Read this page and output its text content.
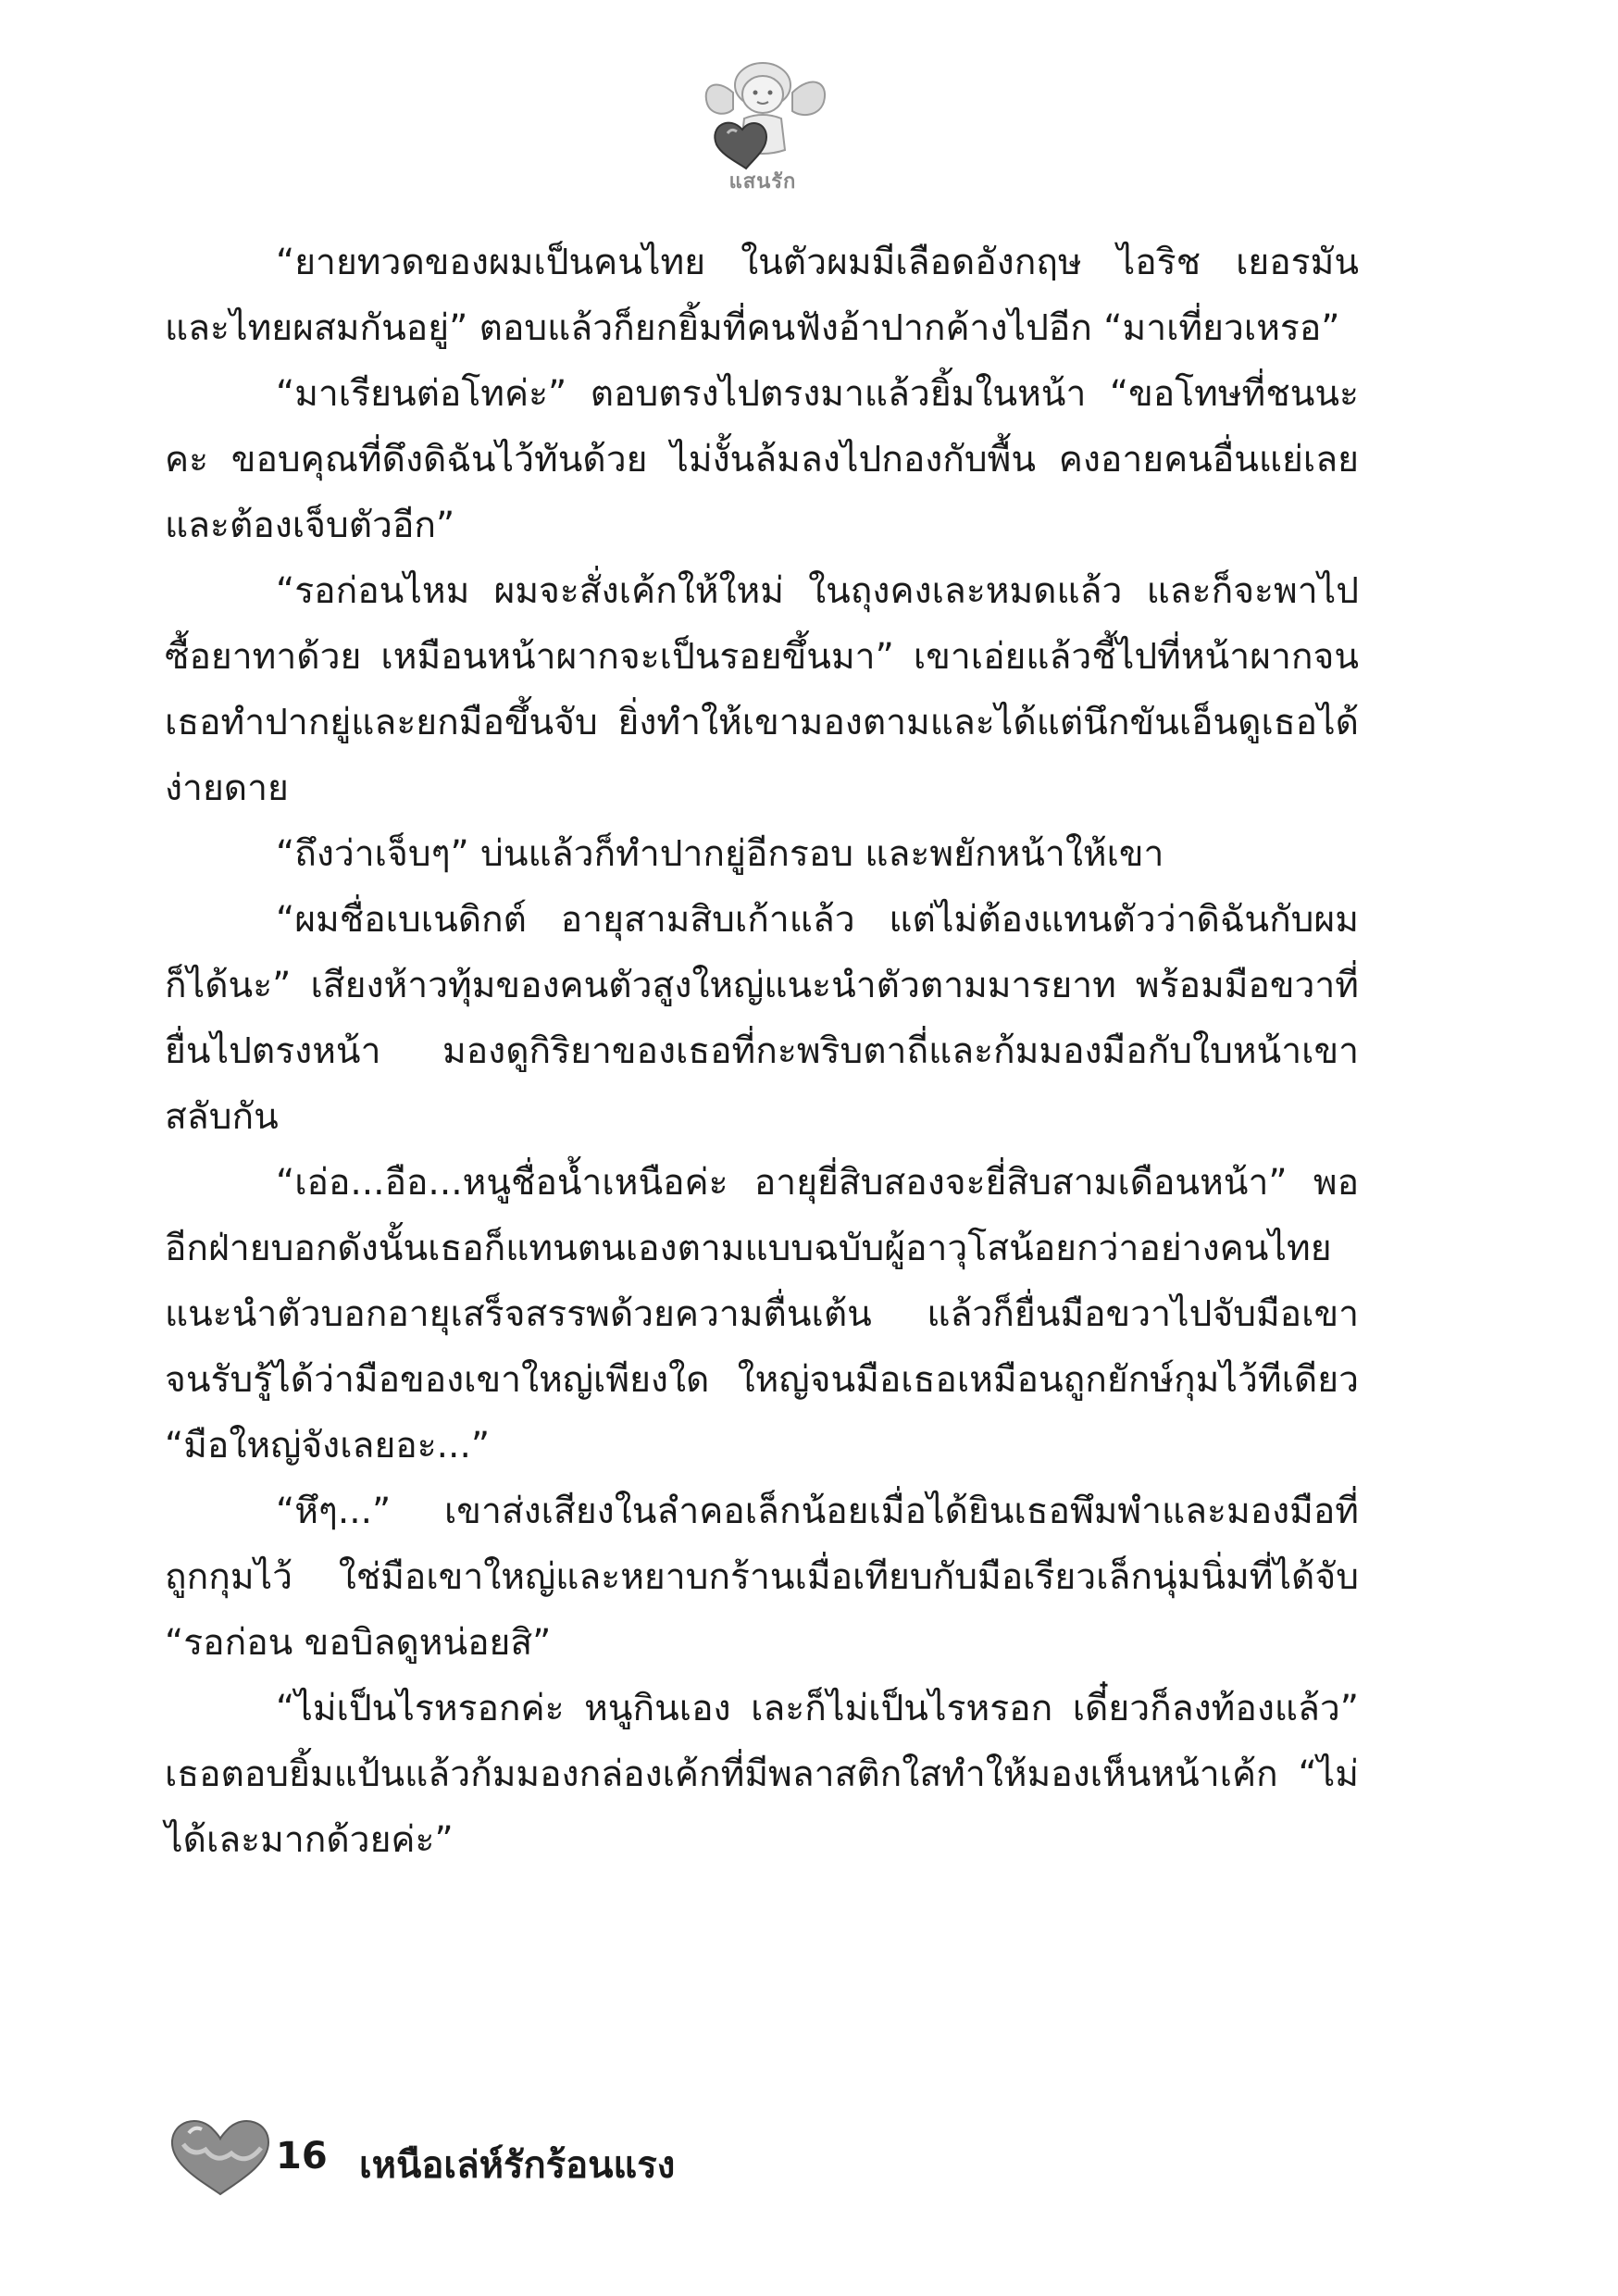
แสนรัก

“ยายทวดของผมเป็นคนไทย ในตัวผมมีเลือดอังกฤษ ไอริช เยอรมัน และไทยผสมกันอยู่” ตอบแล้วก็ยกยิ้มที่คนฟังอ้าปากค้างไปอีก “มาเที่ยวเหรอ”

“มาเรียนต่อโทค่ะ” ตอบตรงไปตรงมาแล้วยิ้มในหน้า “ขอโทษที่ชนนะคะ ขอบคุณที่ดึงดิฉันไว้ทันด้วย ไม่งั้นล้มลงไปกองกับพื้น คงอายคนอื่นแย่เลย และต้องเจ็บตัวอีก”

“รอก่อนไหม ผมจะสั่งเค้กให้ใหม่ ในถุงคงเละหมดแล้ว และก็จะพาไปซื้อยาทาด้วย เหมือนหน้าผากจะเป็นรอยขึ้นมา” เขาเอ่ยแล้วชี้ไปที่หน้าผากจนเธอทำปากยู่และยกมือขึ้นจับ ยิ่งทำให้เขามองตามและได้แต่นึกขันเอ็นดูเธอได้ง่ายดาย

“ถึงว่าเจ็บๆ” บ่นแล้วก็ทำปากยู่อีกรอบ และพยักหน้าให้เขา

“ผมชื่อเบเนดิกต์ อายุสามสิบเก้าแล้ว แต่ไม่ต้องแทนตัวว่าดิฉันกับผมก็ได้นะ” เสียงห้าวทุ้มของคนตัวสูงใหญ่แนะนำตัวตามมารยาท พร้อมมือขวาที่ยื่นไปตรงหน้า มองดูกิริยาของเธอที่กะพริบตาถี่และก้มมองมือกับใบหน้าเขาสลับกัน

“เอ่อ...อือ...หนูชื่อน้ำเหนือค่ะ อายุยี่สิบสองจะยี่สิบสามเดือนหน้า” พออีกฝ่ายบอกดังนั้นเธอก็แทนตนเองตามแบบฉบับผู้อาวุโสน้อยกว่าอย่างคนไทย แนะนำตัวบอกอายุเสร็จสรรพด้วยความตื่นเต้น แล้วก็ยื่นมือขวาไปจับมือเขา จนรับรู้ได้ว่ามือของเขาใหญ่เพียงใด ใหญ่จนมือเธอเหมือนถูกยักษ์กุมไว้ทีเดียว “มือใหญ่จังเลยอะ...”

“หึๆ...” เขาส่งเสียงในลำคอเล็กน้อยเมื่อได้ยินเธอพึมพำและมองมือที่ถูกกุมไว้ ใช่มือเขาใหญ่และหยาบกร้านเมื่อเทียบกับมือเรียวเล็กนุ่มนิ่มที่ได้จับ “รอก่อน ขอบิลดูหน่อยสิ”

“ไม่เป็นไรหรอกค่ะ หนูกินเอง เละก็ไม่เป็นไรหรอก เดี๋ยวก็ลงท้องแล้ว” เธอตอบยิ้มแป้นแล้วก้มมองกล่องเค้กที่มีพลาสติกใสทำให้มองเห็นหน้าเค้ก “ไม่ได้เละมากด้วยค่ะ”

16 เหนือเล่ห์รักร้อนแรง
